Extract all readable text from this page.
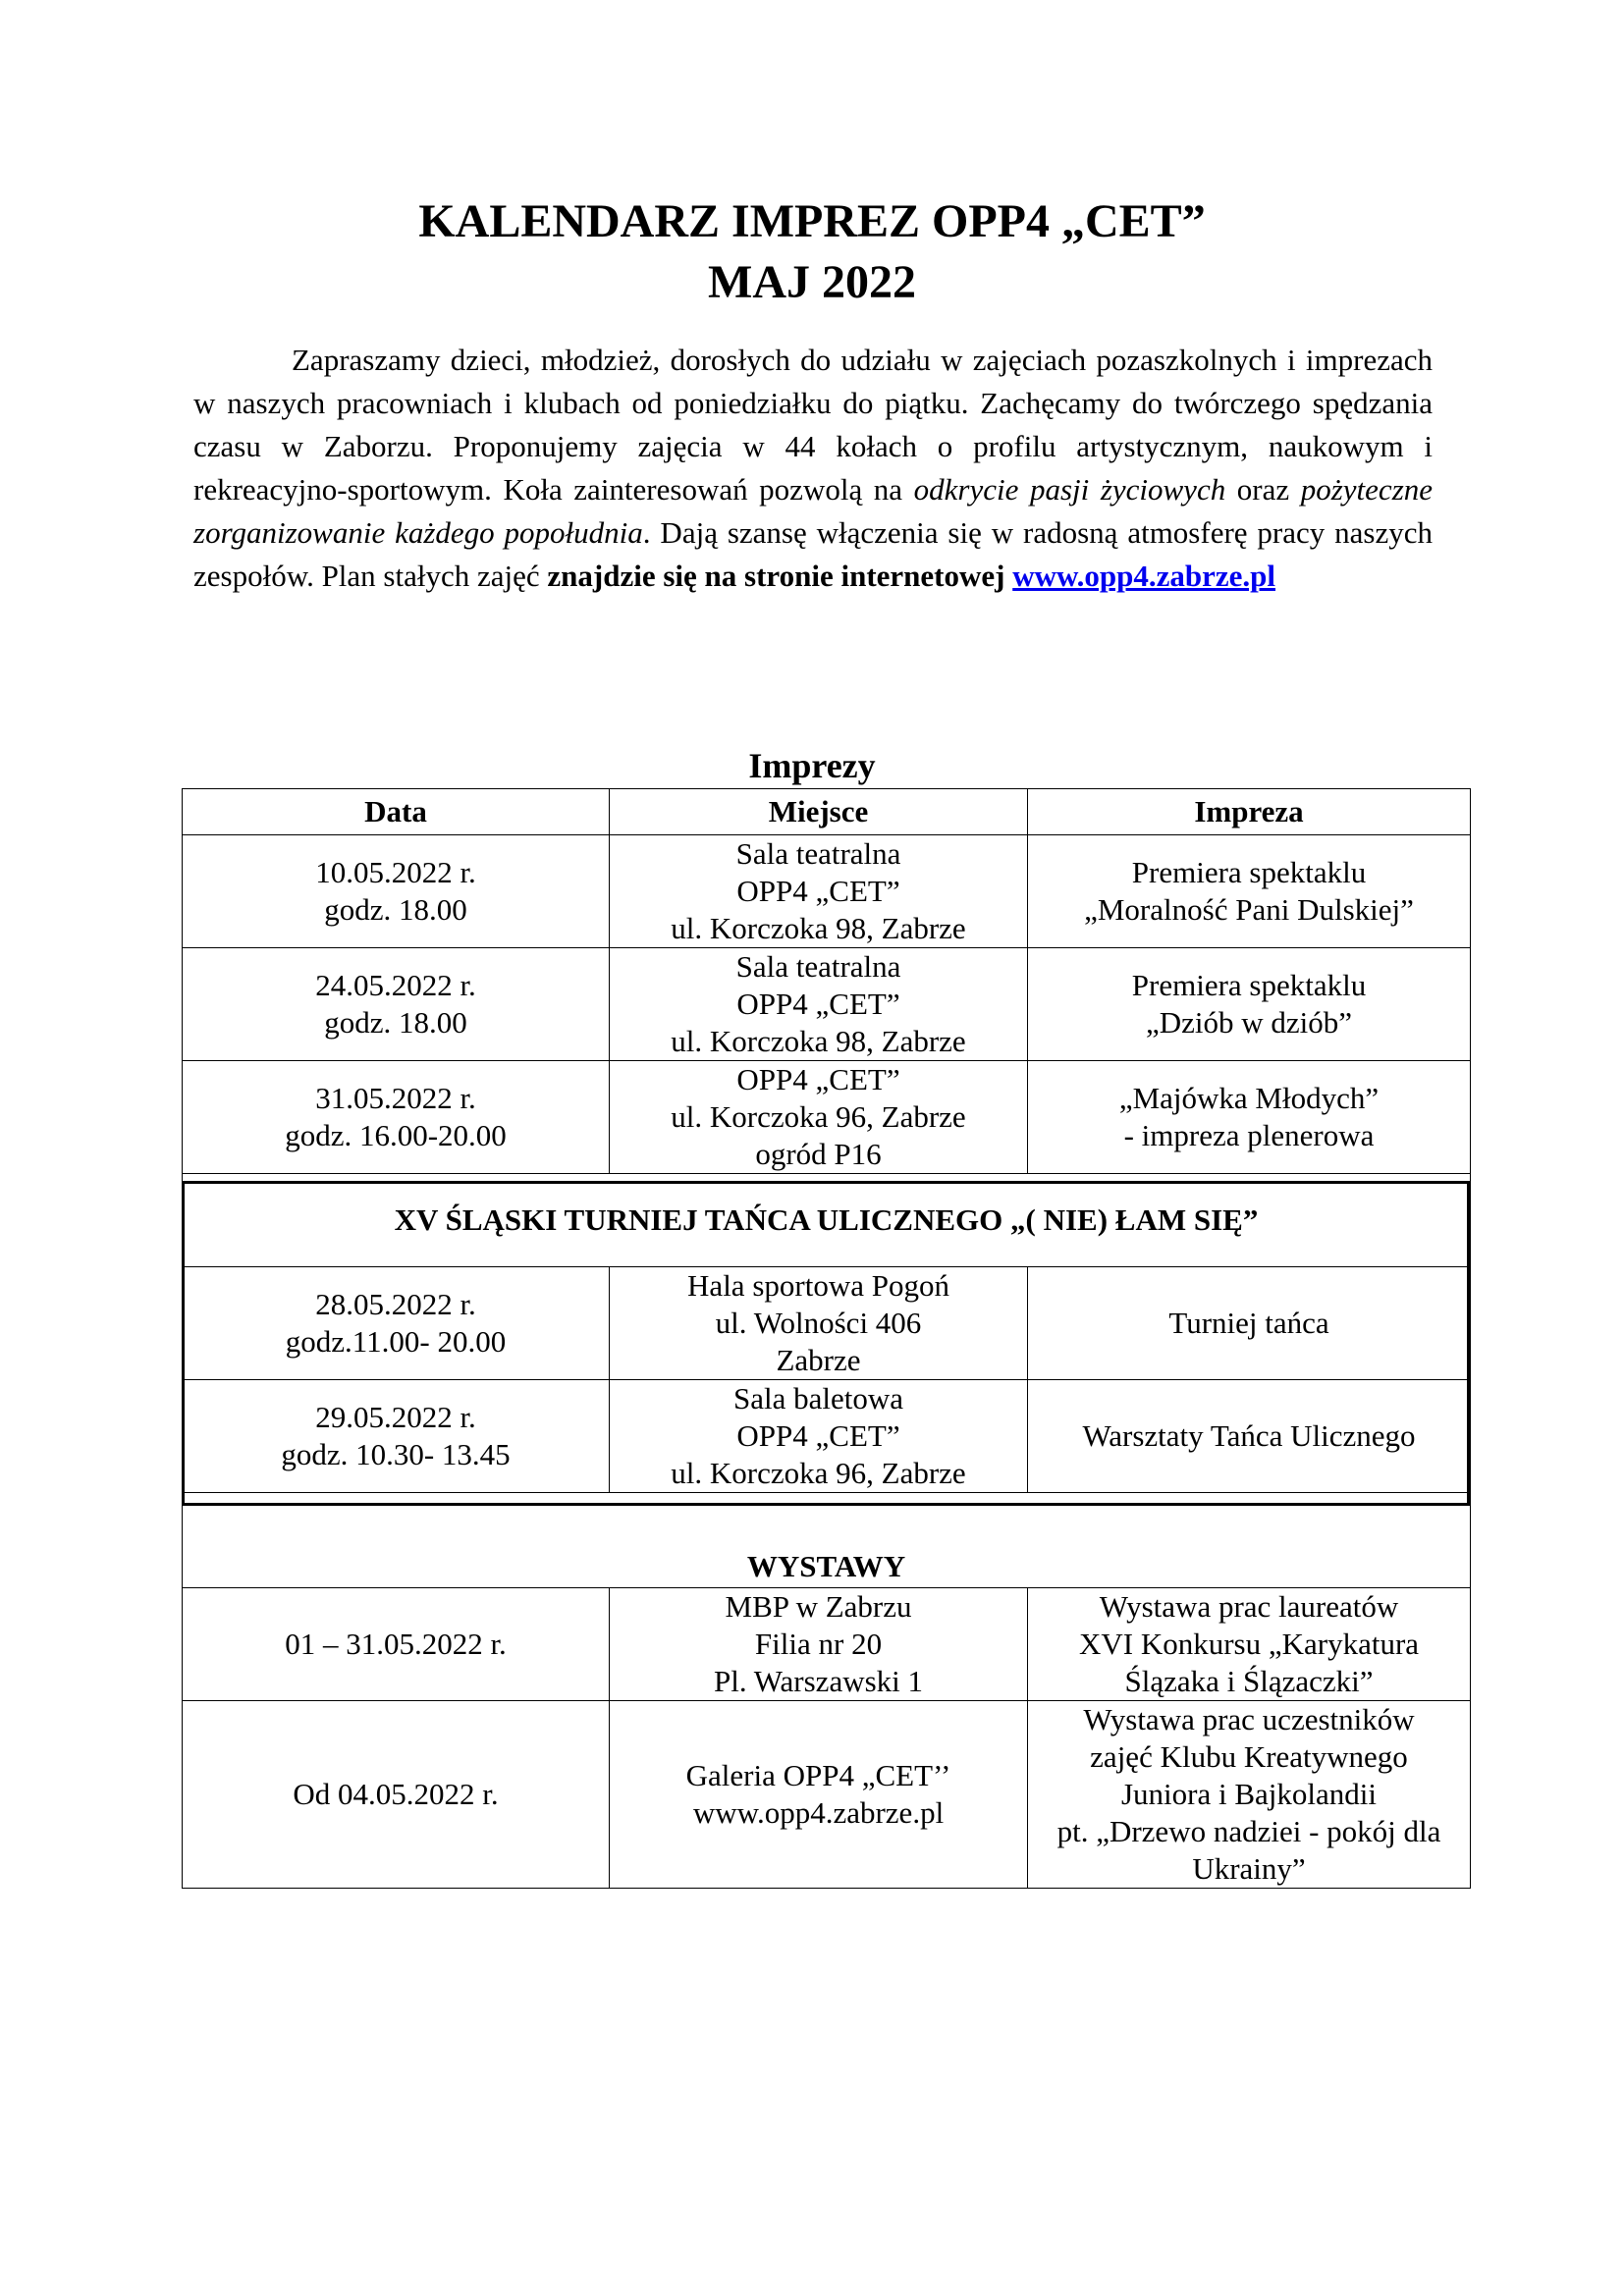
KALENDARZ IMPREZ OPP4 „CET”
MAJ 2022

Zapraszamy dzieci, młodzież, dorosłych do udziału w zajęciach pozaszkolnych i imprezach w naszych pracowniach i klubach od poniedziałku do piątku. Zachęcamy do twórczego spędzania czasu w Zaborzu. Proponujemy zajęcia w 44 kołach o profilu artystycznym, naukowym i rekreacyjno-sportowym. Koła zainteresowań pozwolą na odkrycie pasji życiowych oraz pożyteczne zorganizowanie każdego popołudnia. Dają szansę włączenia się w radosną atmosferę pracy naszych zespołów. Plan stałych zajęć znajdzie się na stronie internetowej www.opp4.zabrze.pl

Imprezy
Data	Miejsce	Impreza

10.05.2022 r.
godz. 18.00	Sala teatralna
OPP4 „CET”
ul. Korczoka 98, Zabrze	Premiera spektaklu
„Moralność Pani Dulskiej”

24.05.2022 r.
godz. 18.00	Sala teatralna
OPP4 „CET”
ul. Korczoka 98, Zabrze	Premiera spektaklu
„Dziób w dziób”

31.05.2022 r.
godz. 16.00-20.00	OPP4 „CET”
ul. Korczoka 96, Zabrze
ogród P16	„Majówka Młodych”
- impreza plenerowa

XV ŚLĄSKI TURNIEJ TAŃCA ULICZNEGO „( NIE) ŁAM SIĘ”		

28.05.2022 r.
godz.11.00- 20.00	Hala sportowa Pogoń
ul. Wolności 406
Zabrze	Turniej tańca

29.05.2022 r.
godz. 10.30- 13.45	Sala baletowa
OPP4 „CET”
ul. Korczoka 96, Zabrze	Warsztaty Tańca Ulicznego

WYSTAWY		

01 – 31.05.2022 r.	MBP w Zabrzu
Filia nr 20
Pl. Warszawski 1	Wystawa prac laureatów
XVI Konkursu „Karykatura
Ślązaka i Ślązaczki”

Od 04.05.2022 r.	Galeria OPP4 „CET’’
www.opp4.zabrze.pl	Wystawa prac uczestników
zajęć Klubu Kreatywnego
Juniora i Bajkolandii
pt. „Drzewo nadziei - pokój dla
Ukrainy”
